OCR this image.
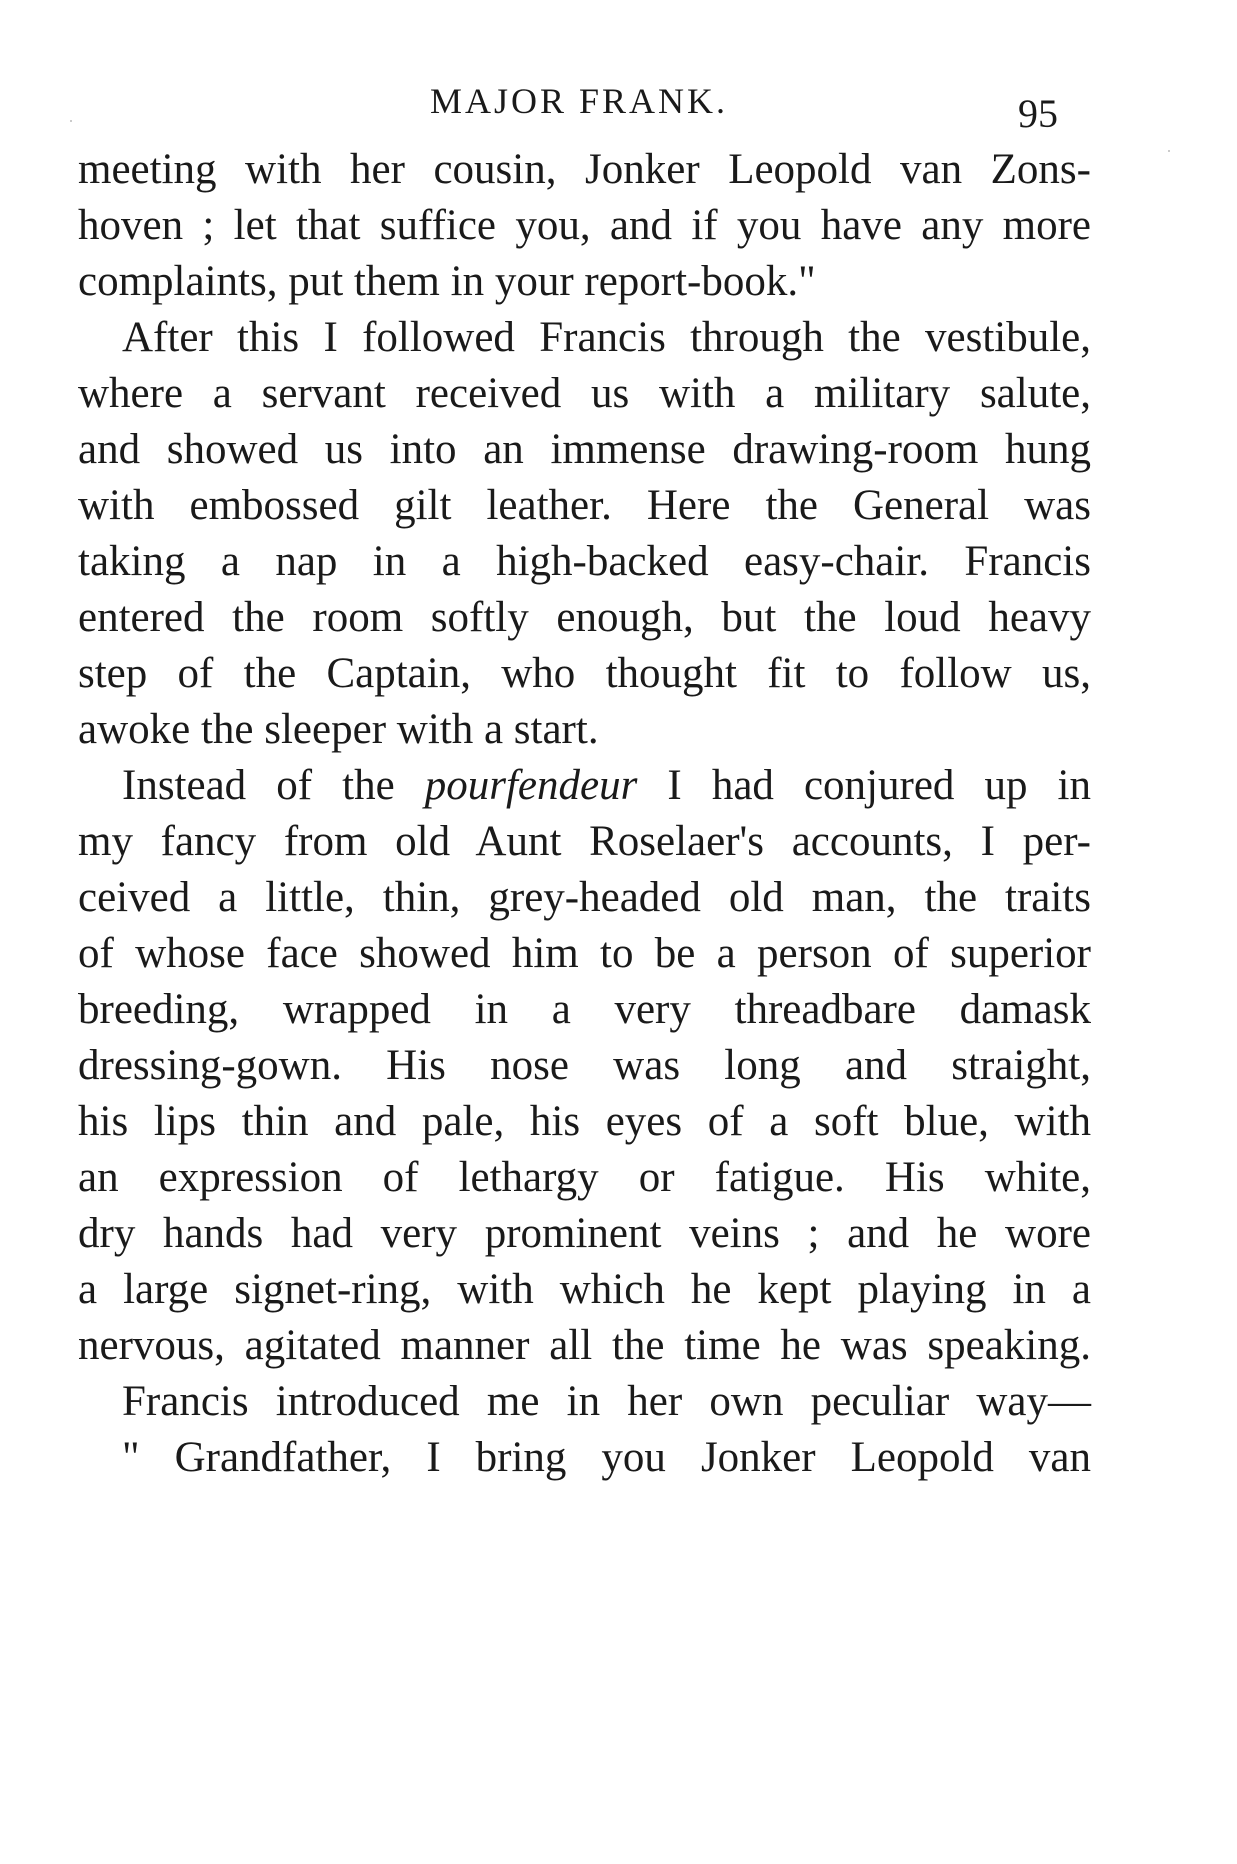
MAJOR FRANK.	95
meeting with her cousin, Jonker Leopold van Zons-
hoven ; let that suffice you, and if you have any more
complaints, put them in your report-book."
After this I followed Francis through the vestibule,
where a servant received us with a military salute,
and showed us into an immense drawing-room hung
with embossed gilt leather. Here the General was
taking a nap in a high-backed easy-chair. Francis
entered the room softly enough, but the loud heavy
step of the Captain, who thought fit to follow us,
awoke the sleeper with a start.
Instead of the pourfendeur I had conjured up in
my fancy from old Aunt Roselaer's accounts, I per-
ceived a little, thin, grey-headed old man, the traits
of whose face showed him to be a person of superior
breeding, wrapped in a very threadbare damask
dressing-gown. His nose was long and straight,
his lips thin and pale, his eyes of a soft blue, with
an expression of lethargy or fatigue. His white,
dry hands had very prominent veins ; and he wore
a large signet-ring, with which he kept playing in a
nervous, agitated manner all the time he was speaking.
Francis introduced me in her own peculiar way—
" Grandfather, I bring you Jonker Leopold van
